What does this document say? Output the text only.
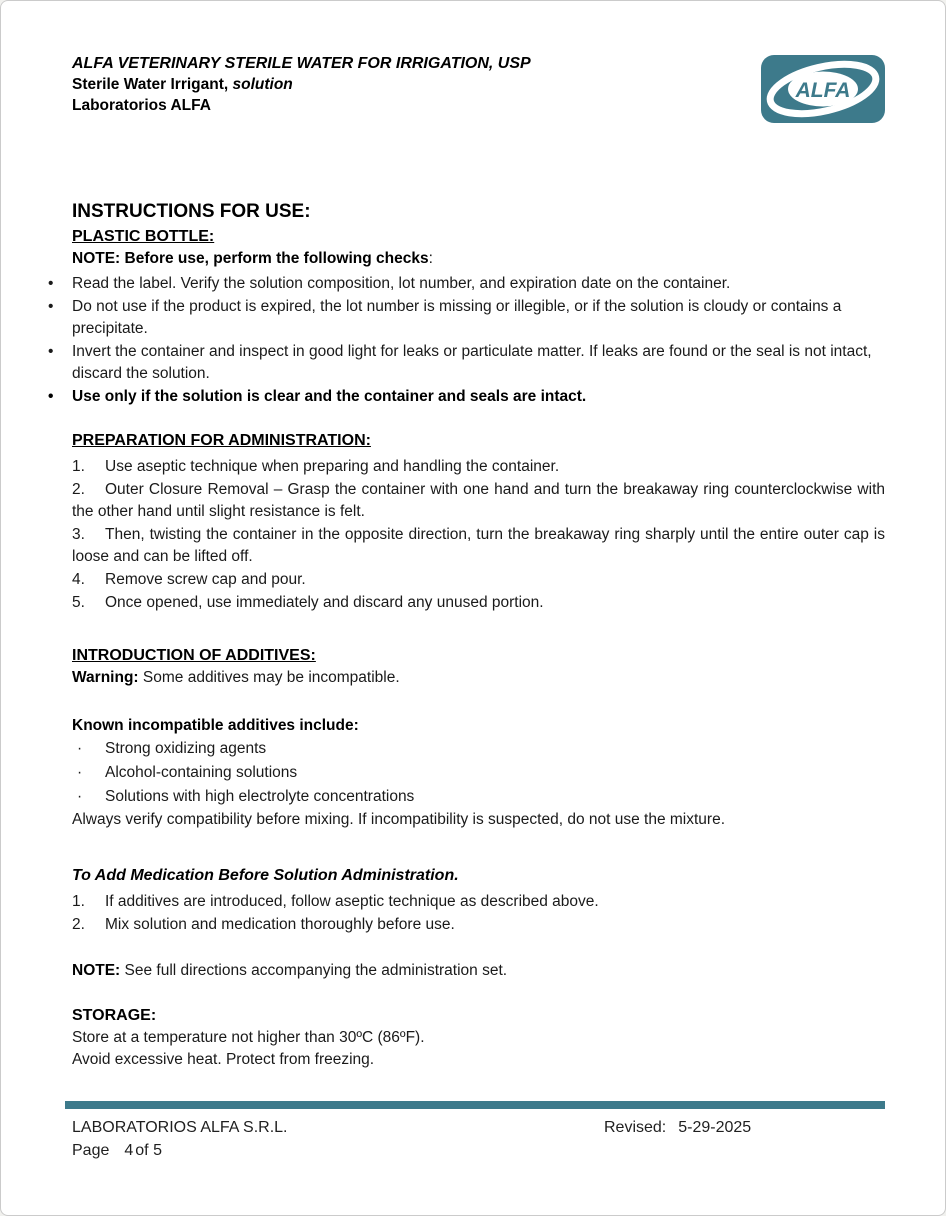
ALFA VETERINARY STERILE WATER FOR IRRIGATION, USP
Sterile Water Irrigant, solution
Laboratorios ALFA
ALFA
INSTRUCTIONS FOR USE:
PLASTIC BOTTLE:
NOTE: Before use, perform the following checks:
• Read the label. Verify the solution composition, lot number, and expiration date on the container.
• Do not use if the product is expired, the lot number is missing or illegible, or if the solution is cloudy or contains a precipitate.
• Invert the container and inspect in good light for leaks or particulate matter. If leaks are found or the seal is not intact, discard the solution.
• Use only if the solution is clear and the container and seals are intact.
PREPARATION FOR ADMINISTRATION:

1. Use aseptic technique when preparing and handling the container.

2. Outer Closure Removal – Grasp the container with one hand and turn the breakaway ring counterclockwise with the other hand until slight resistance is felt.

3. Then, twisting the container in the opposite direction, turn the breakaway ring sharply until the entire outer cap is loose and can be lifted off.

4. Remove screw cap and pour.

5. Once opened, use immediately and discard any unused portion.

INTRODUCTION OF ADDITIVES:

Warning: Some additives may be incompatible.

Known incompatible additives include:

· Strong oxidizing agents

· Alcohol-containing solutions

· Solutions with high electrolyte concentrations

Always verify compatibility before mixing. If incompatibility is suspected, do not use the mixture.

To Add Medication Before Solution Administration.

1. If additives are introduced, follow aseptic technique as described above.

2. Mix solution and medication thoroughly before use.

NOTE: See full directions accompanying the administration set.

STORAGE:

Store at a temperature not higher than 30ºC (86ºF).

Avoid excessive heat. Protect from freezing.

LABORATORIOS ALFA S.R.L.	Revised: 5-29-2025
Page 4 of 5
